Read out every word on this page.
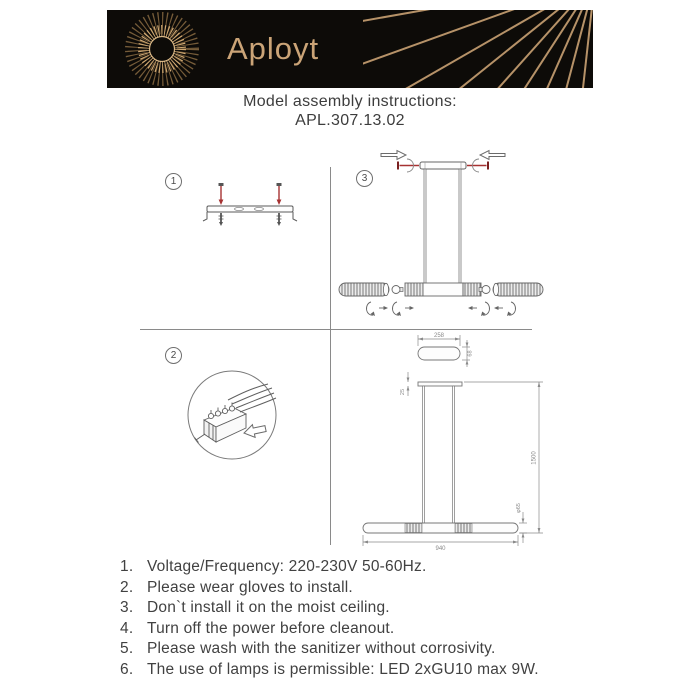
Aployt
Model assembly instructions:
APL.307.13.02
1
2
3
258
68
25
940
1500
φ65
1. Voltage/Frequency: 220-230V 50-60Hz.
2. Please wear gloves to install.
3. Don`t install it on the moist ceiling.
4. Turn off the power before cleanout.
5. Please wash with the sanitizer without corrosivity.
6. The use of lamps is permissible: LED 2xGU10 max 9W.
